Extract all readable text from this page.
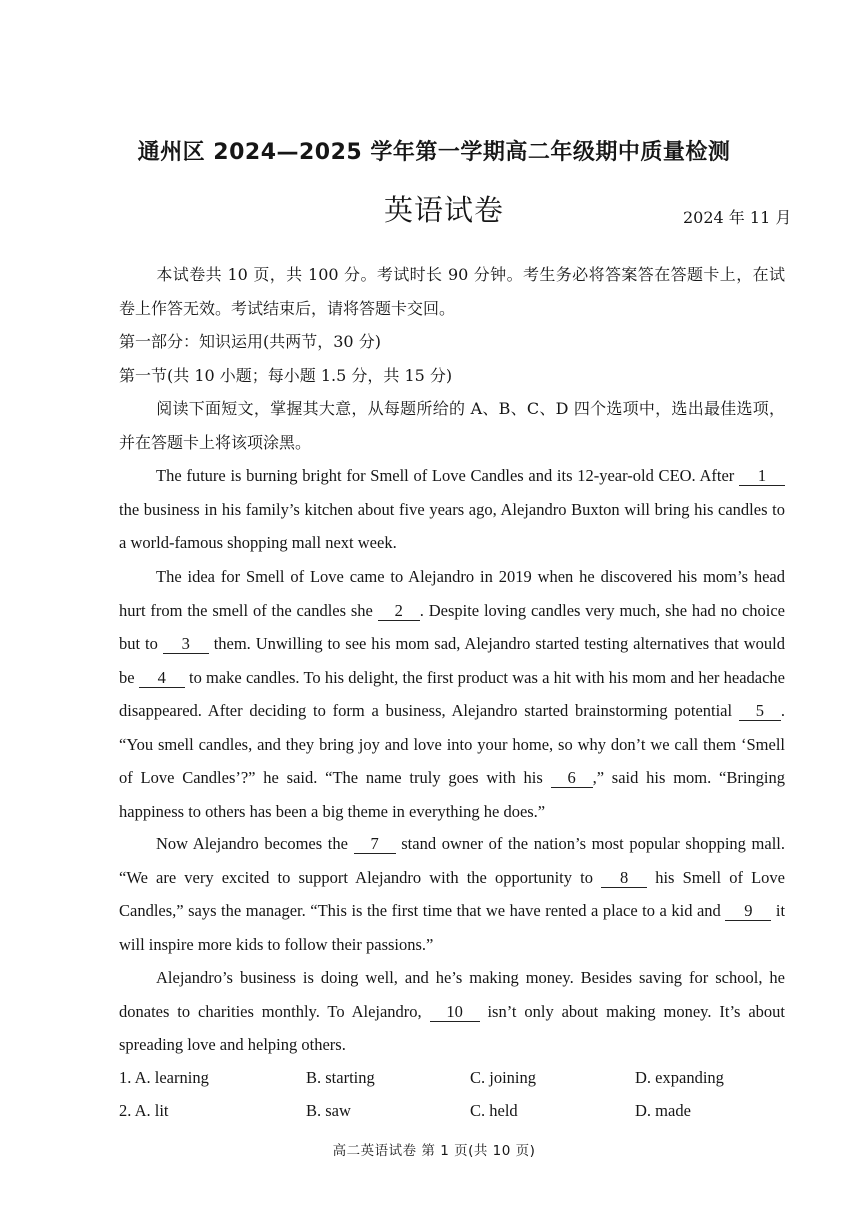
通州区 2024—2025 学年第一学期高二年级期中质量检测
英语试卷	2024 年 11 月

本试卷共 10 页，共 100 分。考试时长 90 分钟。考生务必将答案答在答题卡上，在试卷上作答无效。考试结束后，请将答题卡交回。

第一部分：知识运用(共两节，30 分)

第一节(共 10 小题；每小题 1.5 分，共 15 分)

阅读下面短文，掌握其大意，从每题所给的 A、B、C、D 四个选项中，选出最佳选项，并在答题卡上将该项涂黑。

The future is burning bright for Smell of Love Candles and its 12-year-old CEO. After 1 the business in his family’s kitchen about five years ago, Alejandro Buxton will bring his candles to a world-famous shopping mall next week.

The idea for Smell of Love came to Alejandro in 2019 when he discovered his mom’s head hurt from the smell of the candles she 2 . Despite loving candles very much, she had no choice but to 3 them. Unwilling to see his mom sad, Alejandro started testing alternatives that would be 4 to make candles. To his delight, the first product was a hit with his mom and her headache disappeared. After deciding to form a business, Alejandro started brainstorming potential 5 . “You smell candles, and they bring joy and love into your home, so why don’t we call them ‘Smell of Love Candles’?” he said. “The name truly goes with his 6 ,” said his mom. “Bringing happiness to others has been a big theme in everything he does.”

Now Alejandro becomes the 7 stand owner of the nation’s most popular shopping mall. “We are very excited to support Alejandro with the opportunity to 8 his Smell of Love Candles,” says the manager. “This is the first time that we have rented a place to a kid and 9 it will inspire more kids to follow their passions.”

Alejandro’s business is doing well, and he’s making money. Besides saving for school, he donates to charities monthly. To Alejandro, 10 isn’t only about making money. It’s about spreading love and helping others.

1. A. learning	B. starting	C. joining	D. expanding
2. A. lit	B. saw	C. held	D. made
高二英语试卷 第 1 页(共 10 页)
